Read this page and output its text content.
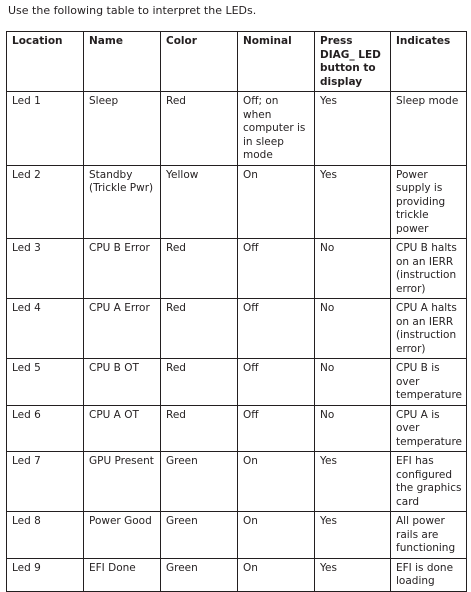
Use the following table to interpret the LEDs.
Location	Name	Color	Nominal	Press DIAG_ LED button to display	Indicates
Led 1	Sleep	Red	Off; on when computer is in sleep mode	Yes	Sleep mode
Led 2	Standby (Trickle Pwr)	Yellow	On	Yes	Power supply is providing trickle power
Led 3	CPU B Error	Red	Off	No	CPU B halts on an IERR (instruction error)
Led 4	CPU A Error	Red	Off	No	CPU A halts on an IERR (instruction error)
Led 5	CPU B OT	Red	Off	No	CPU B is over temperature
Led 6	CPU A OT	Red	Off	No	CPU A is over temperature
Led 7	GPU Present	Green	On	Yes	EFI has configured the graphics card
Led 8	Power Good	Green	On	Yes	All power rails are functioning
Led 9	EFI Done	Green	On	Yes	EFI is done loading
